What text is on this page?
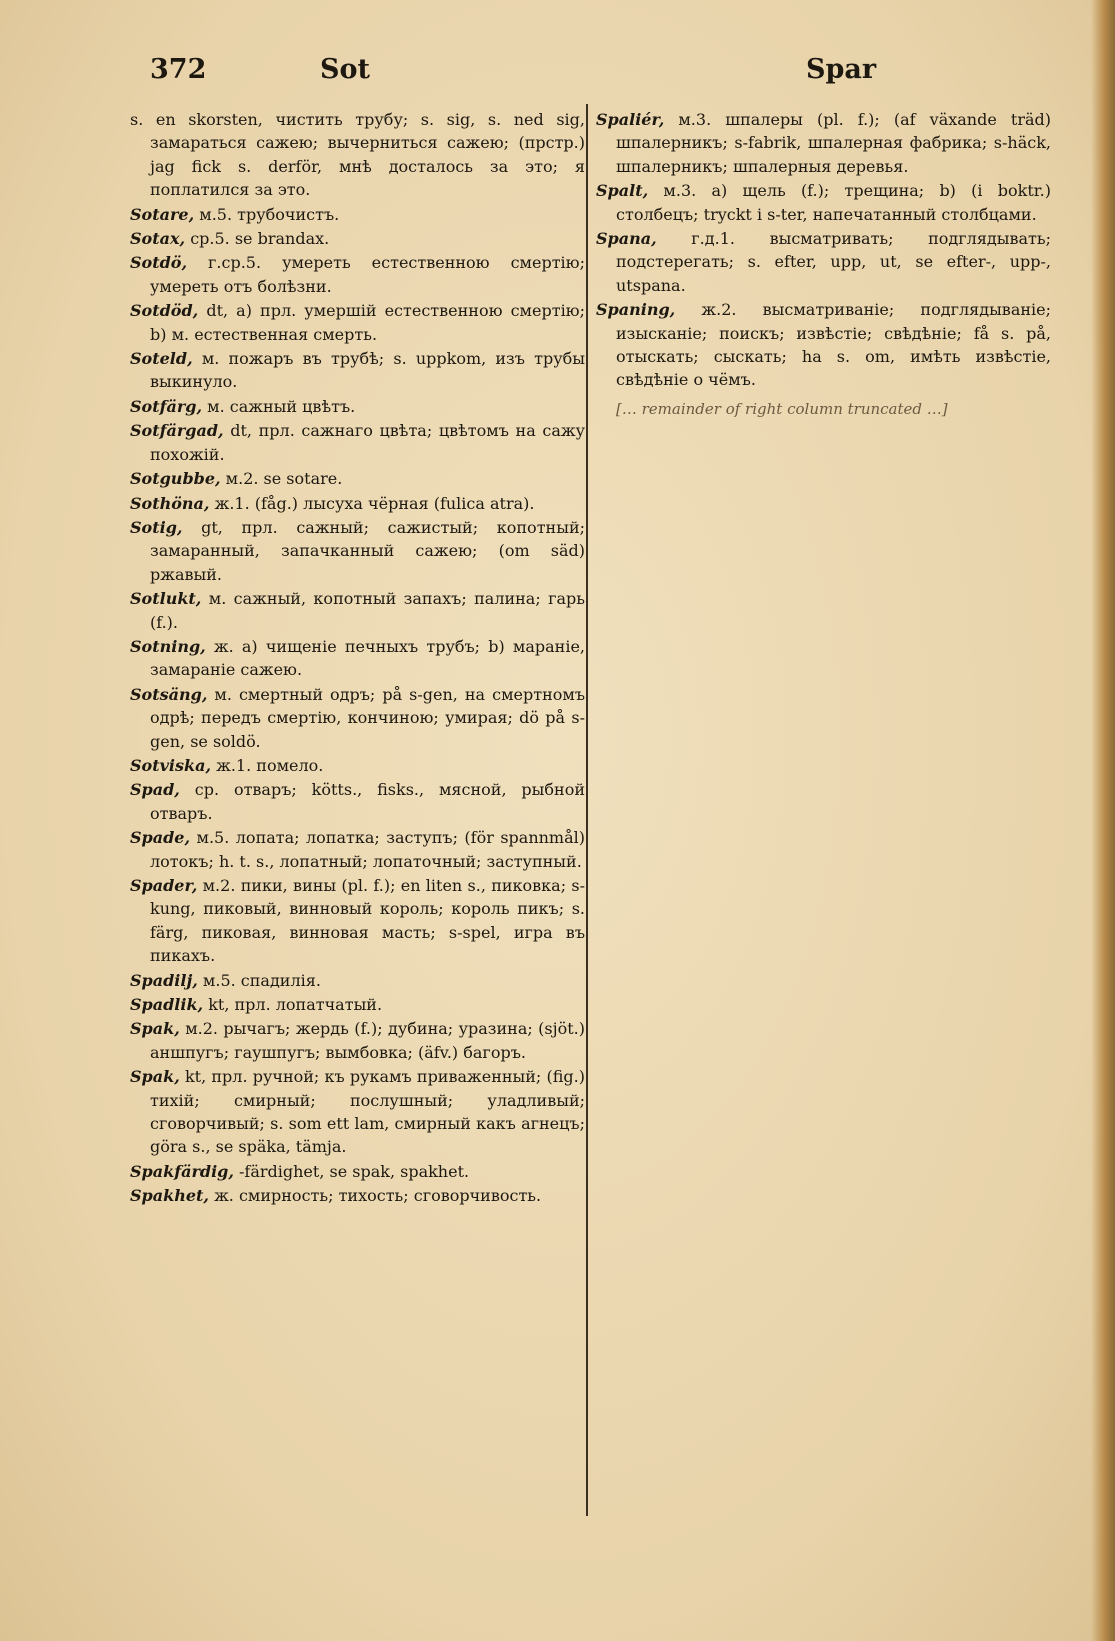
372	Sot	Spar
s. en skorsten, чистить трубу; s. sig, s. ned sig, замараться сажею; вычерниться сажею; (прстр.) jag fick s. derför, мнѣ досталось за это; я поплатился за это.
Sotare, м.5. трубочистъ.
Sotax, ср.5. se brandax.
Sotdö, г.ср.5. умереть естественною смертію; умереть отъ болѣзни.
Sotdöd, dt, a) прл. умершій естественною смертію; b) м. естественная смерть.
Soteld, м. пожаръ въ трубѣ; s. uppkom, изъ трубы выкинуло.
Sotfärg, м. сажный цвѣтъ.
Sotfärgad, dt, прл. сажнаго цвѣта; цвѣтомъ на сажу похожій.
Sotgubbe, м.2. se sotare.
Sothöna, ж.1. (fåg.) лысуха чёрная (fulica atra).
Sotig, gt, прл. сажный; сажистый; копотный; замаранный, запачканный сажею; (om säd) ржавый.
Sotlukt, м. сажный, копотный запахъ; палина; гарь (f.).
Sotning, ж. a) чищеніе печныхъ трубъ; b) мараніе, замараніе сажею.
Sotsäng, м. смертный одръ; på s-gen, на смертномъ одрѣ; передъ смертію, кончиною; умирая; dö på s-gen, se soldö.
Sotviska, ж.1. помело.
Spad, ср. отваръ; kötts., fisks., мясной, рыбной отваръ.
Spade, м.5. лопата; лопатка; заступъ; (för spannmål) лотокъ; h. t. s., лопатный; лопаточный; заступный.
Spader, м.2. пики, вины (pl. f.); en liten s., пиковка; s-kung, пиковый, винновый король; король пикъ; s. färg, пиковая, винновая масть; s-spel, игра въ пикахъ.
Spadilj, м.5. спадилія.
Spadlik, kt, прл. лопатчатый.
Spak, м.2. рычагъ; жердь (f.); дубина; уразина; (sjöt.) аншпугъ; гаушпугъ; вымбовка; (äfv.) багоръ.
Spak, kt, прл. ручной; къ рукамъ приваженный; (fig.) тихій; смирный; послушный; уладливый; сговорчивый; s. som ett lam, смирный какъ агнецъ; göra s., se späka, tämja.
Spakfärdig, -färdighet, se spak, spakhet.
Spakhet, ж. смирность; тихость; сговорчивость.
Spaliér, м.3. шпалеры (pl. f.); (af växande träd) шпалерникъ; s-fabrik, шпалерная фабрика; s-häck, шпалерникъ; шпалерныя деревья.
Spalt, м.3. a) щель (f.); трещина; b) (i boktr.) столбецъ; tryckt i s-ter, напечатанный столбцами.
Spana, г.д.1. высматривать; подглядывать; подстерегать; s. efter, upp, ut, se efter-, upp-, utspana.
Spaning, ж.2. высматриваніе; подглядываніе; изысканіе; поискъ; извѣстіе; свѣдѣніе; få s. på, отыскать; сыскать; ha s. om, имѣть извѣстіе, свѣдѣніе о чёмъ.
[… remainder of right column truncated …]
